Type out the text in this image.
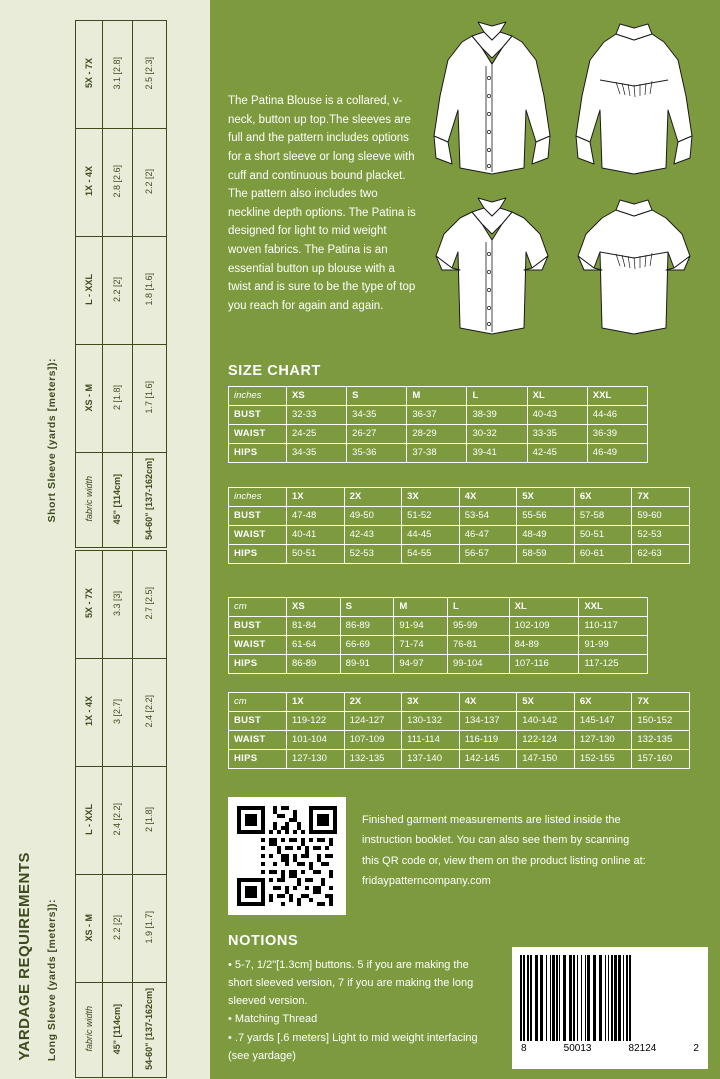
YARDAGE REQUIREMENTS Long Sleeve (yards [meters]):
Short Sleeve (yards [meters]):
5X - 7X	3.1 [2.8]	2.5 [2.3]
1X - 4X	2.8 [2.6]	2.2 [2]
L - XXL	2.2 [2]	1.8 [1.6]
XS - M	2 [1.8]	1.7 [1.6]
fabric width	45" [114cm]	54-60" [137-162cm]
5X - 7X	3.3 [3]	2.7 [2.5]
1X - 4X	3 [2.7]	2.4 [2.2]
L - XXL	2.4 [2.2]	2 [1.8]
XS - M	2.2 [2]	1.9 [1.7]
fabric width	45" [114cm]	54-60" [137-162cm]
The Patina Blouse is a collared, v-neck, button up top.The sleeves are full and the pattern includes options for a short sleeve or long sleeve with cuff and continuous bound placket. The pattern also includes two neckline depth options. The Patina is designed for light to mid weight woven fabrics. The Patina is an essential button up blouse with a twist and is sure to be the type of top you reach for again and again.
SIZE CHART
inches	XS	S	M	L	XL	XXL
BUST	32-33	34-35	36-37	38-39	40-43	44-46
WAIST	24-25	26-27	28-29	30-32	33-35	36-39
HIPS	34-35	35-36	37-38	39-41	42-45	46-49
inches	1X	2X	3X	4X	5X	6X	7X
BUST	47-48	49-50	51-52	53-54	55-56	57-58	59-60
WAIST	40-41	42-43	44-45	46-47	48-49	50-51	52-53
HIPS	50-51	52-53	54-55	56-57	58-59	60-61	62-63
cm	XS	S	M	L	XL	XXL
BUST	81-84	86-89	91-94	95-99	102-109	110-117
WAIST	61-64	66-69	71-74	76-81	84-89	91-99
HIPS	86-89	89-91	94-97	99-104	107-116	117-125
cm	1X	2X	3X	4X	5X	6X	7X
BUST	119-122	124-127	130-132	134-137	140-142	145-147	150-152
WAIST	101-104	107-109	111-114	116-119	122-124	127-130	132-135
HIPS	127-130	132-135	137-140	142-145	147-150	152-155	157-160
Finished garment measurements are listed inside the
instruction booklet. You can also see them by scanning
this QR code or, view them on the product listing online at:
fridaypatterncompany.com
NOTIONS
• 5-7, 1/2"[1.3cm] buttons. 5 if you are making the short sleeved version, 7 if you are making the long sleeved version.
• Matching Thread
• .7 yards [.6 meters] Light to mid weight interfacing (see yardage)
8	50013	82124	2
